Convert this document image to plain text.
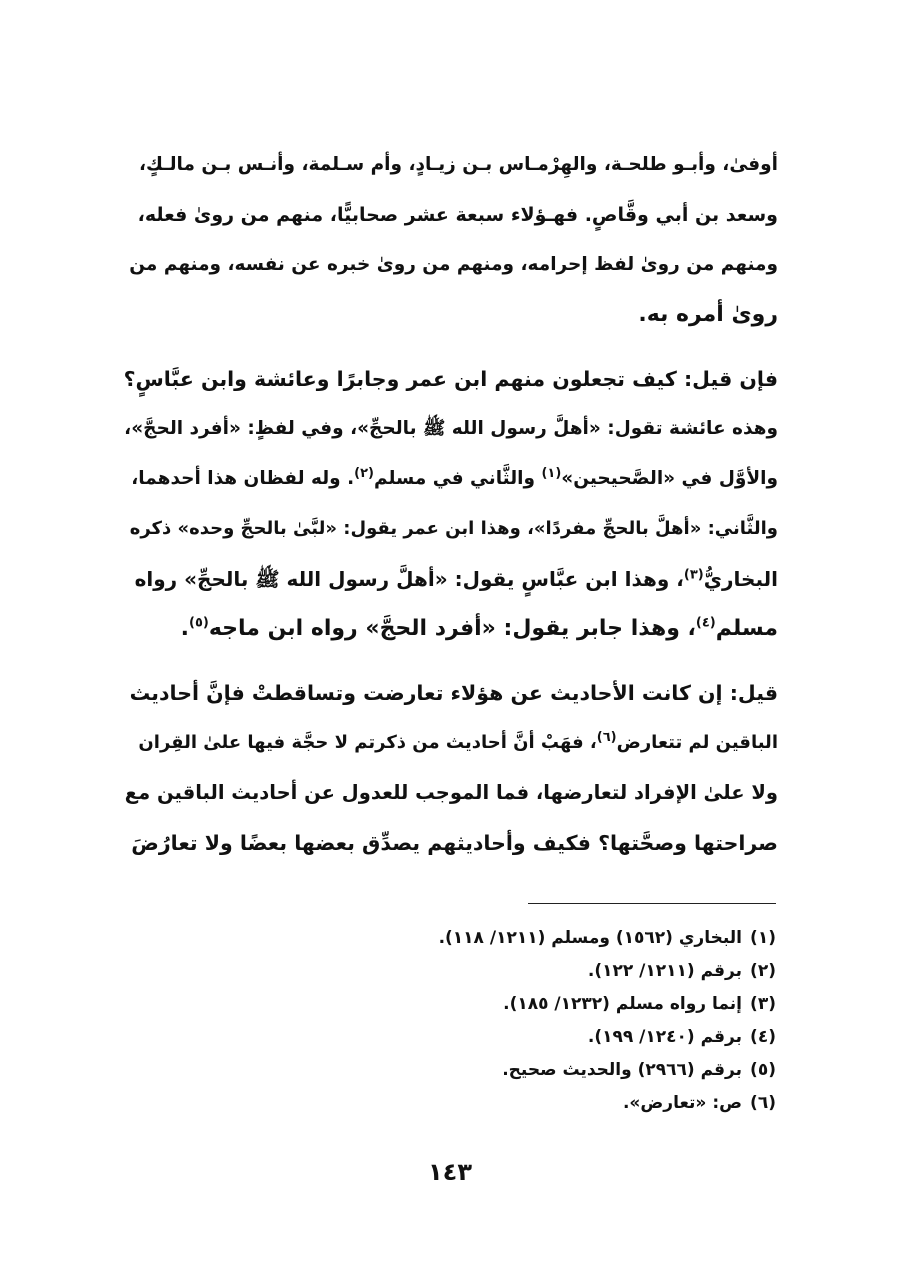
أوفىٰ، وأبـو طلحـة، والهِرْمـاس بـن زيـادٍ، وأم سـلمة، وأنـس بـن مالـكٍ،
وسعد بن أبي وقَّاصٍ. فهـؤلاء سبعة عشر صحابيًّا، منهم من روىٰ فعله،
ومنهم من روىٰ لفظ إحرامه، ومنهم من روىٰ خبره عن نفسه، ومنهم من
روىٰ أمره به.

فإن قيل: كيف تجعلون منهم ابن عمر وجابرًا وعائشة وابن عبَّاسٍ؟
وهذه عائشة تقول: «أهلَّ رسول الله ﷺ بالحجِّ»، وفي لفظٍ: «أفرد الحجَّ»،
والأوَّل في «الصَّحيحين»$^{(١)}$ والثَّاني في مسلم$^{(٢)}$. وله لفظان هذا أحدهما،
والثَّاني: «أهلَّ بالحجِّ مفردًا»، وهذا ابن عمر يقول: «لبَّىٰ بالحجِّ وحده» ذكره
البخاريُّ$^{(٣)}$، وهذا ابن عبَّاسٍ يقول: «أهلَّ رسول الله ﷺ بالحجِّ» رواه
مسلم$^{(٤)}$، وهذا جابر يقول: «أفرد الحجَّ» رواه ابن ماجه$^{(٥)}$.

قيل: إن كانت الأحاديث عن هؤلاء تعارضت وتساقطتْ فإنَّ أحاديث
الباقين لم تتعارض$^{(٦)}$، فهَبْ أنَّ أحاديث من ذكرتم لا حجَّة فيها علىٰ القِران
ولا علىٰ الإفراد لتعارضها، فما الموجب للعدول عن أحاديث الباقين مع
صراحتها وصحَّتها؟ فكيف وأحاديثهم يصدِّق بعضها بعضًا ولا تعارُضَ

(١)البخاري (١٥٦٢) ومسلم (١٢١١/ ١١٨).
(٢)برقم (١٢١١/ ١٢٢).
(٣)إنما رواه مسلم (١٢٣٢/ ١٨٥).
(٤)برقم (١٢٤٠/ ١٩٩).
(٥)برقم (٢٩٦٦) والحديث صحيح.
(٦)ص: «تعارض».
١٤٣
